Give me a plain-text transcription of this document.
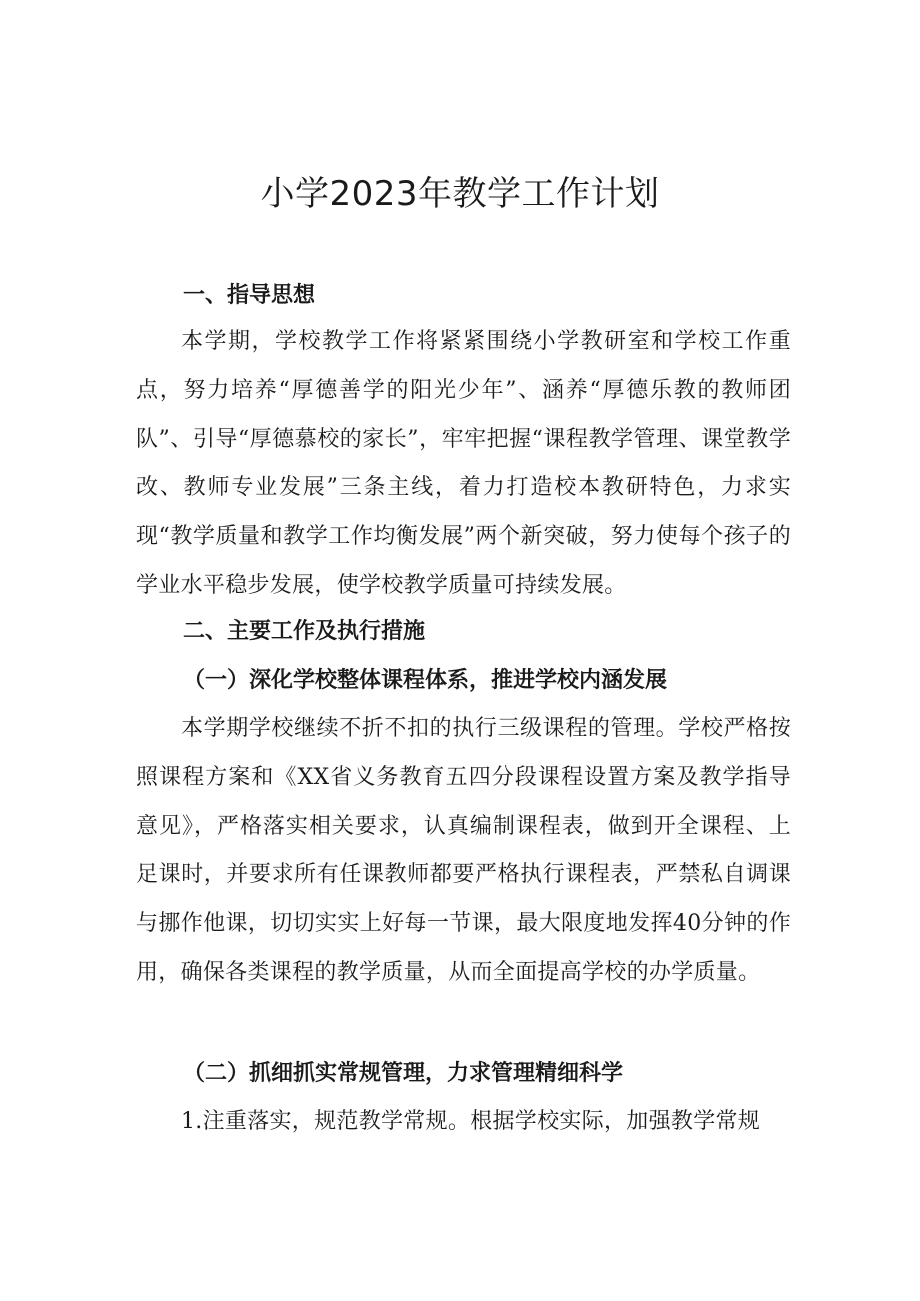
小学2023年教学工作计划
一、指导思想

本学期，学校教学工作将紧紧围绕小学教研室和学校工作重点，努力培养“厚德善学的阳光少年”、涵养“厚德乐教的教师团队”、引导“厚德慕校的家长”，牢牢把握“课程教学管理、课堂教学改、教师专业发展”三条主线，着力打造校本教研特色，力求实现“教学质量和教学工作均衡发展”两个新突破，努力使每个孩子的学业水平稳步发展，使学校教学质量可持续发展。

二、主要工作及执行措施
（一）深化学校整体课程体系，推进学校内涵发展

本学期学校继续不折不扣的执行三级课程的管理。学校严格按照课程方案和《XX省义务教育五四分段课程设置方案及教学指导意见》，严格落实相关要求，认真编制课程表，做到开全课程、上足课时，并要求所有任课教师都要严格执行课程表，严禁私自调课与挪作他课，切切实实上好每一节课，最大限度地发挥40分钟的作用，确保各类课程的教学质量，从而全面提高学校的办学质量。

（二）抓细抓实常规管理，力求管理精细科学

1.注重落实，规范教学常规。根据学校实际，加强教学常规
